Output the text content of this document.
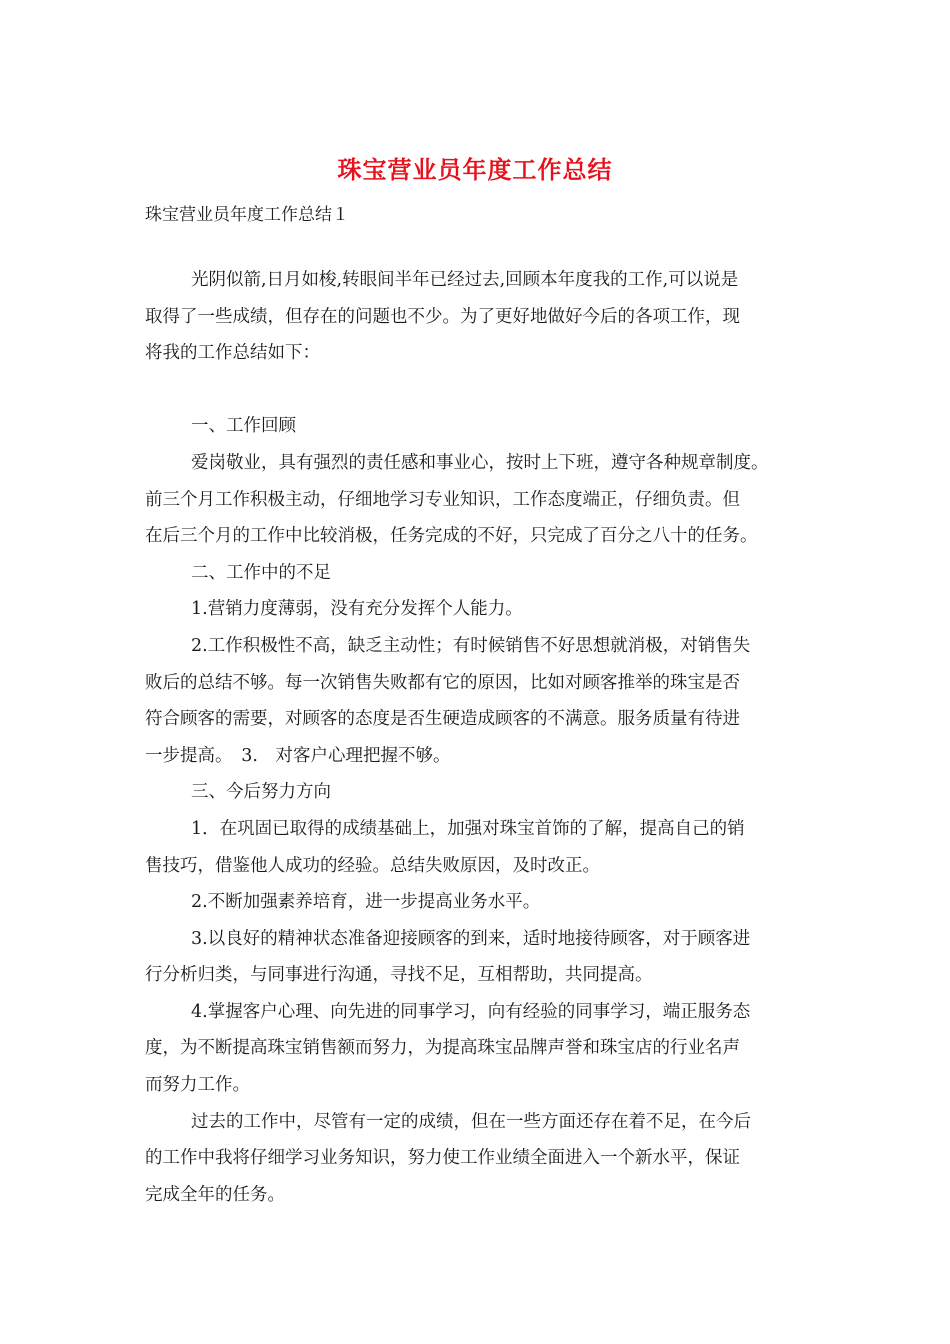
珠宝营业员年度工作总结
珠宝营业员年度工作总结１
光阴似箭,日月如梭,转眼间半年已经过去,回顾本年度我的工作,可以说是
取得了一些成绩，但存在的问题也不少。为了更好地做好今后的各项工作，现
将我的工作总结如下：
一、工作回顾
爱岗敬业，具有强烈的责任感和事业心，按时上下班，遵守各种规章制度。
前三个月工作积极主动，仔细地学习专业知识，工作态度端正，仔细负责。但
在后三个月的工作中比较消极，任务完成的不好，只完成了百分之八十的任务。
二、工作中的不足
1.营销力度薄弱，没有充分发挥个人能力。
2.工作积极性不高，缺乏主动性；有时候销售不好思想就消极，对销售失
败后的总结不够。每一次销售失败都有它的原因，比如对顾客推举的珠宝是否
符合顾客的需要，对顾客的态度是否生硬造成顾客的不满意。服务质量有待进
一步提高。　3.　对客户心理把握不够。
三、今后努力方向
1．在巩固已取得的成绩基础上，加强对珠宝首饰的了解，提高自己的销
售技巧，借鉴他人成功的经验。总结失败原因，及时改正。
2.不断加强素养培育，进一步提高业务水平。
3.以良好的精神状态准备迎接顾客的到来，适时地接待顾客，对于顾客进
行分析归类，与同事进行沟通，寻找不足，互相帮助，共同提高。
4.掌握客户心理、向先进的同事学习，向有经验的同事学习，端正服务态
度，为不断提高珠宝销售额而努力，为提高珠宝品牌声誉和珠宝店的行业名声
而努力工作。
过去的工作中，尽管有一定的成绩，但在一些方面还存在着不足，在今后
的工作中我将仔细学习业务知识，努力使工作业绩全面进入一个新水平，保证
完成全年的任务。
